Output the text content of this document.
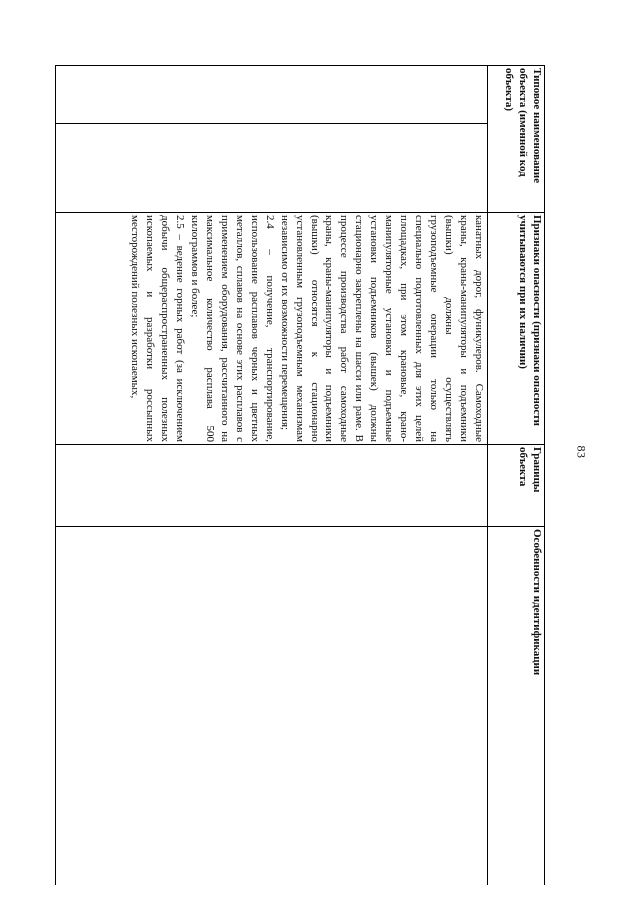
83
Типовое наименование объекта (именной код объекта)		Признаки опасности (признаки опасности учитываются при их наличии)	Границы объекта	Особенности идентификации

		канатных дорог, фуникулеров. Самоходные краны, краны-манипуляторы и подъемники (вышки) должны осуществлять грузоподъемные операции только на специально подготовленных для этих целей площадках, при этом крановые, крано-манипуляторные установки и подъемные установки подъемников (вышек) должны стационарно закреплены на шасси или раме. В процессе производства работ самоходные краны, краны-манипуляторы и подъемники (вышки) относятся к стационарно установленным грузоподъемным механизмам независимо от их возможности перемещения;

2.4 – получение, транспортирование, использование расплавов черных и цветных металлов, сплавов на основе этих расплавов с применением оборудования, рассчитанного на максимальное количество расплава 500 килограммов и более;

2.5 – ведение горных работ (за исключением добычи общераспространенных полезных ископаемых и разработки россыпных месторождений полезных ископаемых,		
